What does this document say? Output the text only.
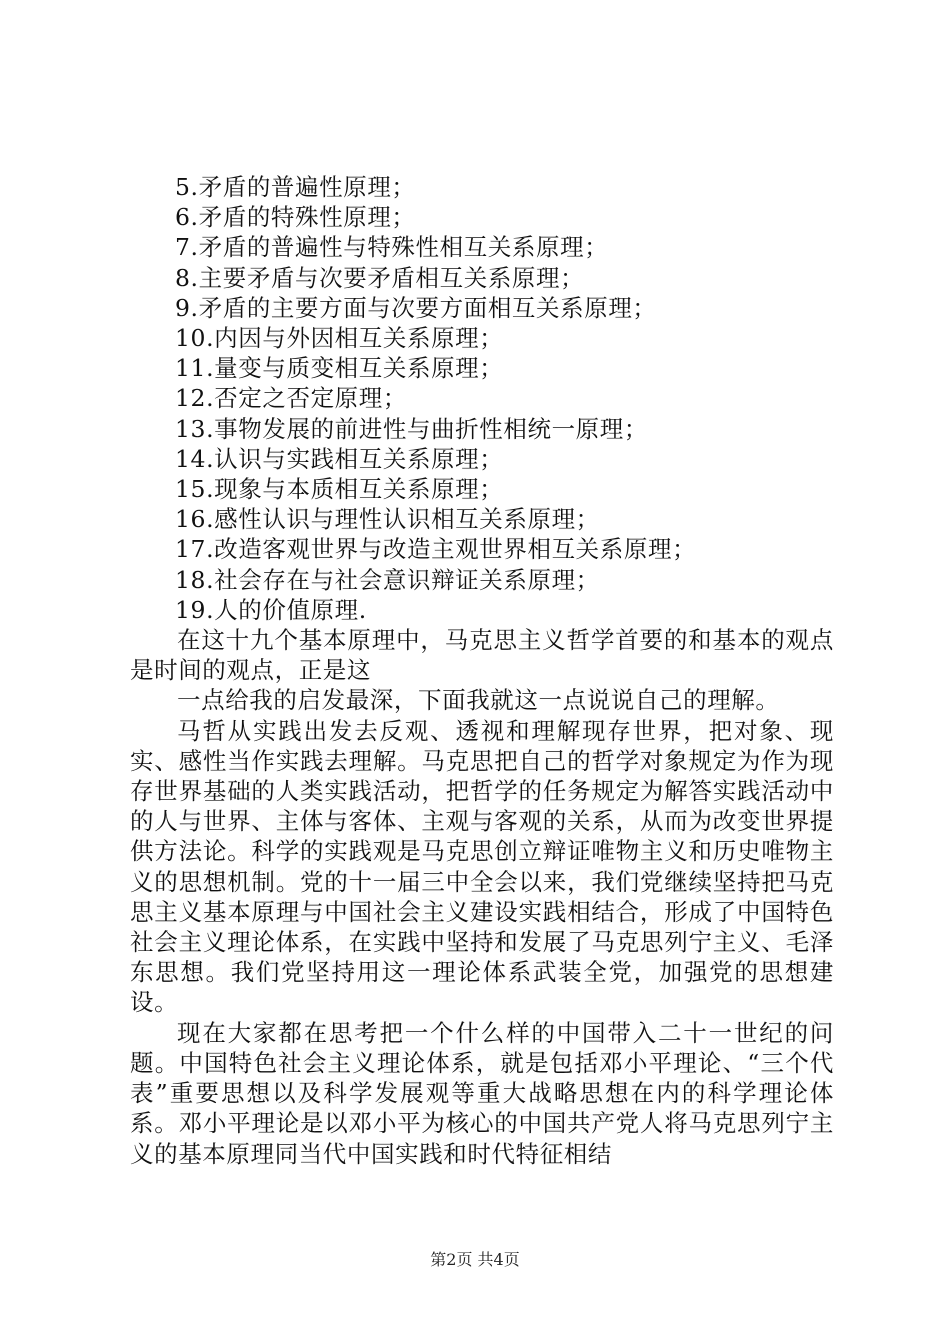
5.矛盾的普遍性原理；
6.矛盾的特殊性原理；
7.矛盾的普遍性与特殊性相互关系原理；
8.主要矛盾与次要矛盾相互关系原理；
9.矛盾的主要方面与次要方面相互关系原理；
10.内因与外因相互关系原理；
11.量变与质变相互关系原理；
12.否定之否定原理；
13.事物发展的前进性与曲折性相统一原理；
14.认识与实践相互关系原理；
15.现象与本质相互关系原理；
16.感性认识与理性认识相互关系原理；
17.改造客观世界与改造主观世界相互关系原理；
18.社会存在与社会意识辩证关系原理；
19.人的价值原理.

在这十九个基本原理中，马克思主义哲学首要的和基本的观点是时间的观点，正是这

一点给我的启发最深，下面我就这一点说说自己的理解。

马哲从实践出发去反观、透视和理解现存世界，把对象、现实、感性当作实践去理解。马克思把自己的哲学对象规定为作为现存世界基础的人类实践活动，把哲学的任务规定为解答实践活动中的人与世界、主体与客体、主观与客观的关系，从而为改变世界提供方法论。科学的实践观是马克思创立辩证唯物主义和历史唯物主义的思想机制。党的十一届三中全会以来，我们党继续坚持把马克思主义基本原理与中国社会主义建设实践相结合，形成了中国特色社会主义理论体系，在实践中坚持和发展了马克思列宁主义、毛泽东思想。我们党坚持用这一理论体系武装全党，加强党的思想建设。

现在大家都在思考把一个什么样的中国带入二十一世纪的问题。中国特色社会主义理论体系，就是包括邓小平理论、“三个代表”重要思想以及科学发展观等重大战略思想在内的科学理论体系。邓小平理论是以邓小平为核心的中国共产党人将马克思列宁主义的基本原理同当代中国实践和时代特征相结

第2页 共4页
